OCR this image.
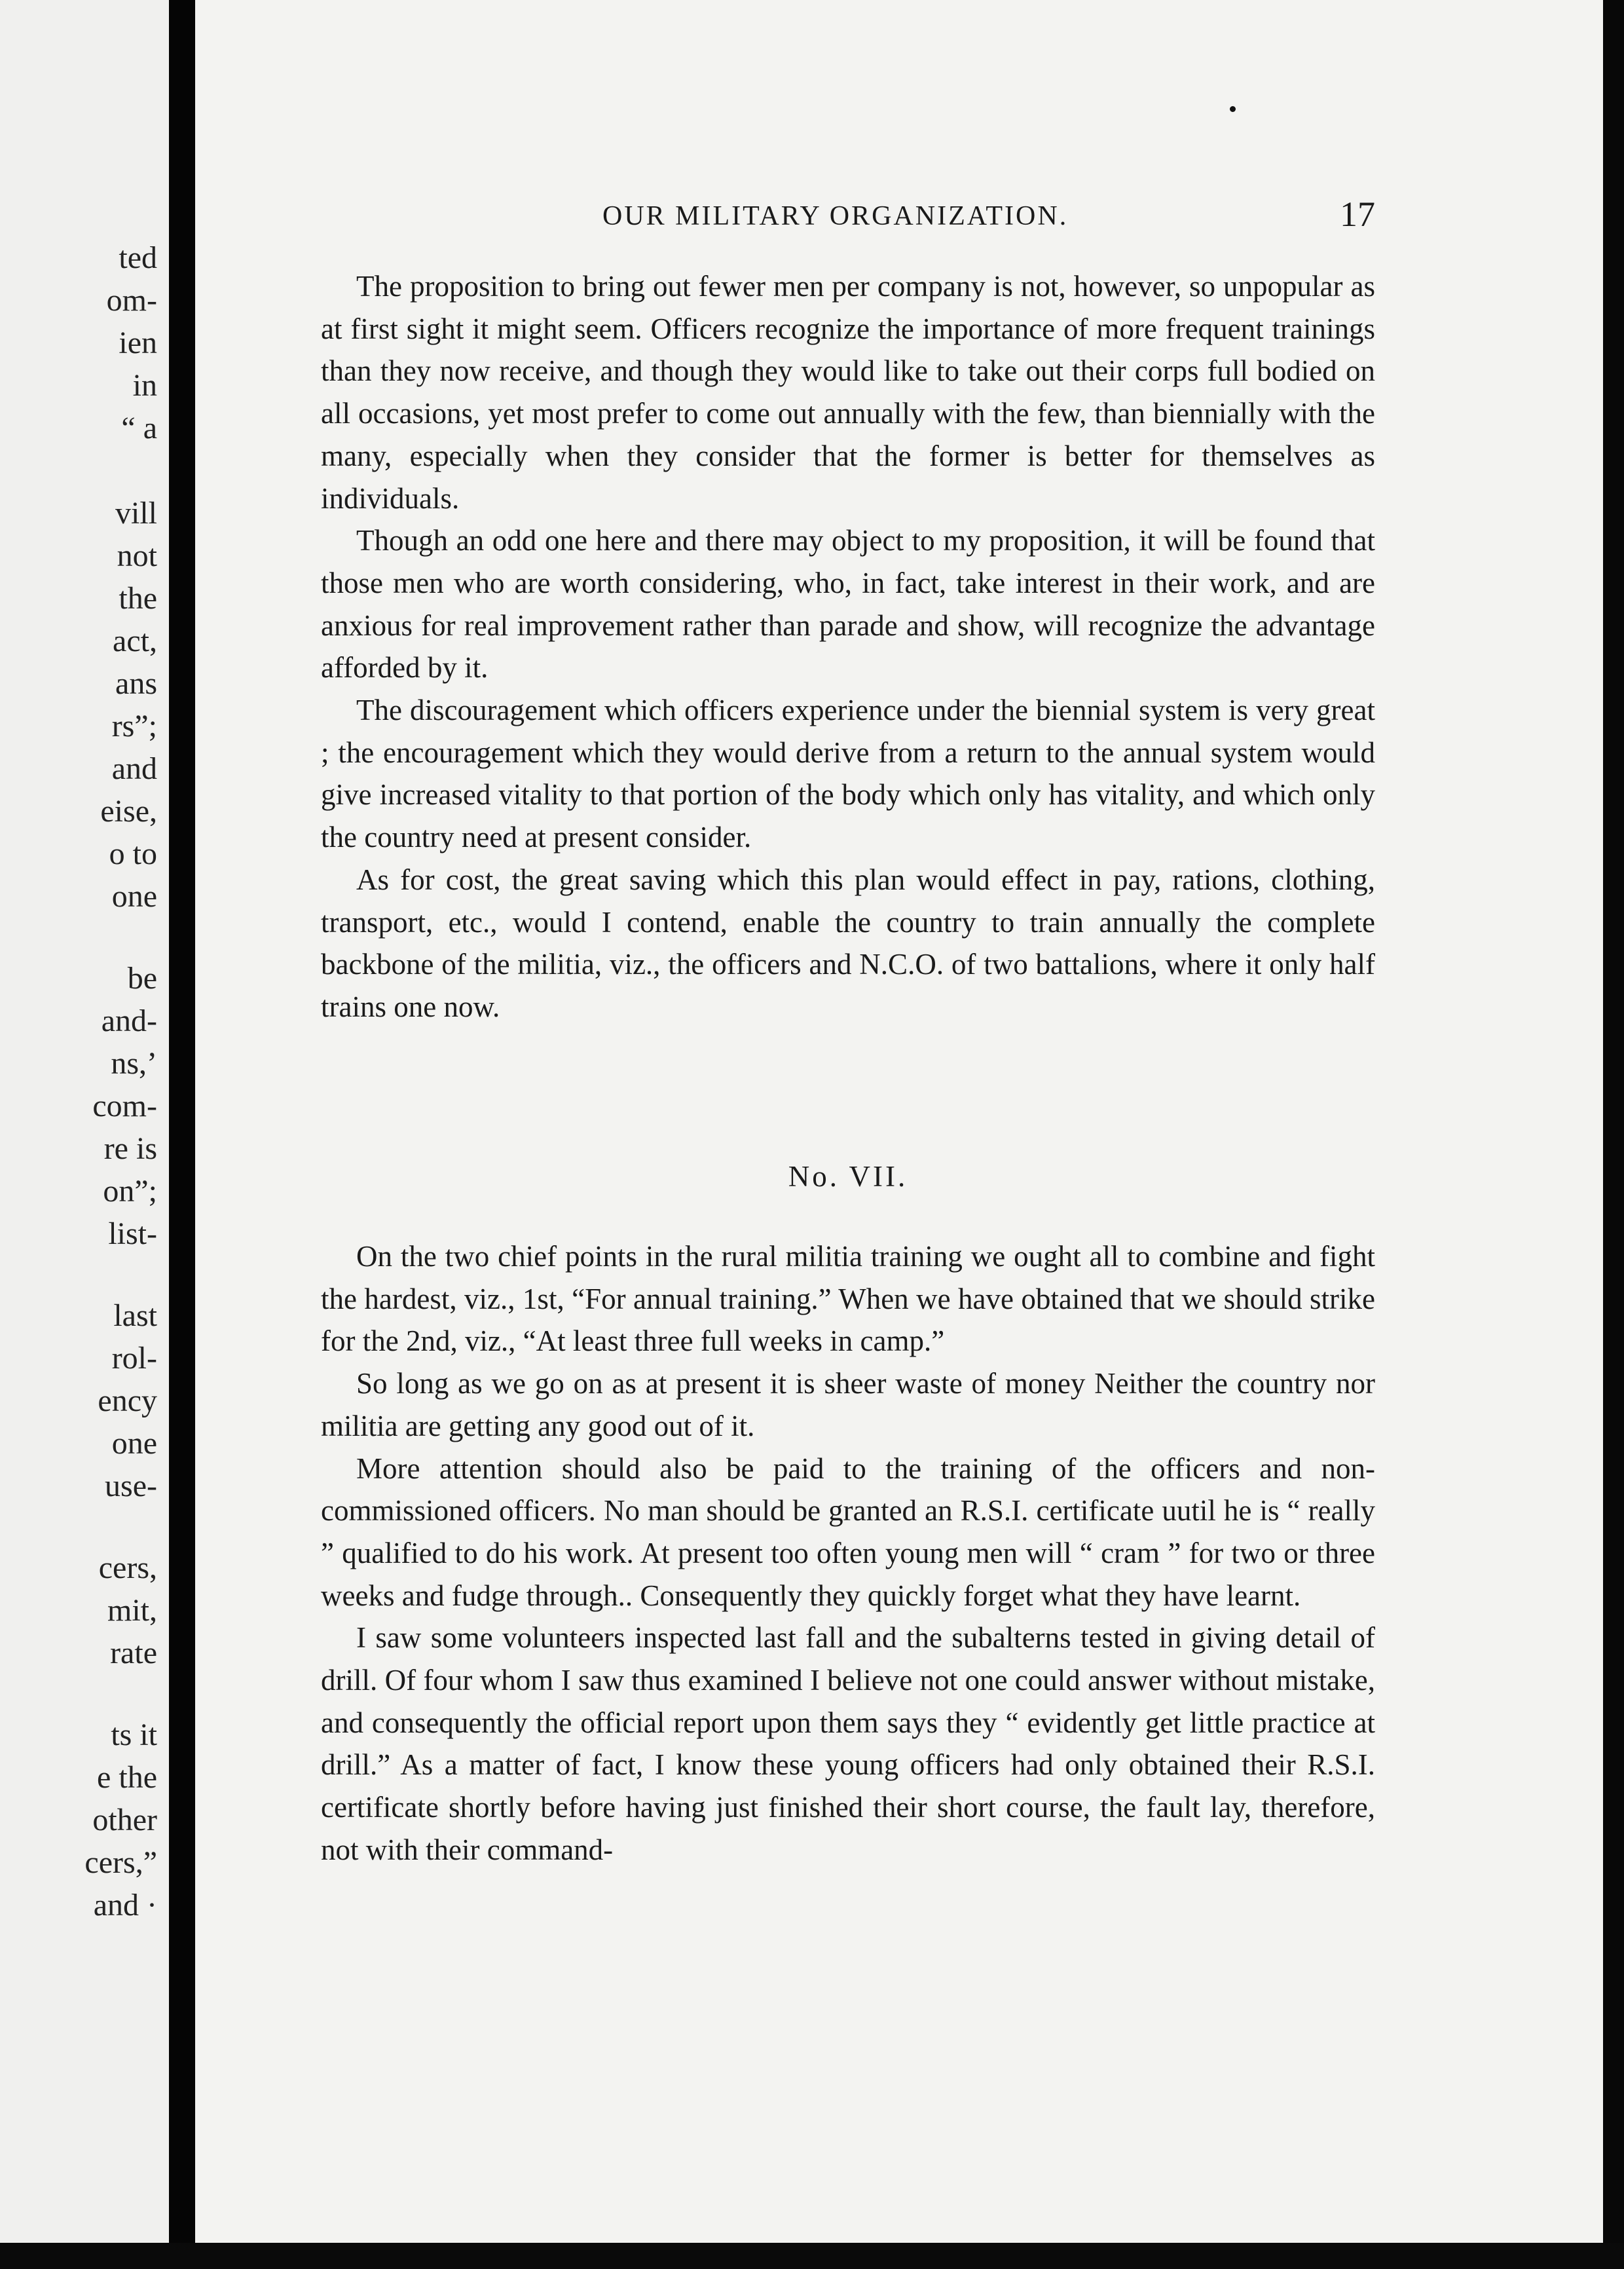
ted
om-
ien
in
“ a
vill
not
the
act,
ans
rs”;
and
eise,
o to
one
be
and-
ns,’
com-
re is
on”;
list-
last
rol-
ency
one
use-
cers,
mit,
rate
ts it
e the
other
cers,”
and ·
OUR MILITARY ORGANIZATION.	17

The proposition to bring out fewer men per company is not, however, so unpopular as at first sight it might seem. Officers recognize the importance of more frequent trainings than they now receive, and though they would like to take out their corps full bodied on all occasions, yet most prefer to come out annually with the few, than biennially with the many, especially when they consider that the former is better for themselves as individuals.

Though an odd one here and there may object to my proposition, it will be found that those men who are worth considering, who, in fact, take interest in their work, and are anxious for real improvement rather than parade and show, will recognize the advantage afforded by it.

The discouragement which officers experience under the biennial system is very great ; the encouragement which they would derive from a return to the annual system would give increased vitality to that portion of the body which only has vitality, and which only the country need at present consider.

As for cost, the great saving which this plan would effect in pay, rations, clothing, transport, etc., would I contend, enable the country to train annually the complete backbone of the militia, viz., the officers and N.C.O. of two battalions, where it only half trains one now.

No. VII.

On the two chief points in the rural militia training we ought all to combine and fight the hardest, viz., 1st, “For annual training.” When we have obtained that we should strike for the 2nd, viz., “At least three full weeks in camp.”

So long as we go on as at present it is sheer waste of money Neither the country nor militia are getting any good out of it.

More attention should also be paid to the training of the officers and non-commissioned officers. No man should be granted an R.S.I. certificate uutil he is “ really ” qualified to do his work. At present too often young men will “ cram ” for two or three weeks and fudge through.. Consequently they quickly forget what they have learnt.

I saw some volunteers inspected last fall and the subalterns tested in giving detail of drill. Of four whom I saw thus examined I believe not one could answer without mistake, and consequently the official report upon them says they “ evidently get little practice at drill.” As a matter of fact, I know these young officers had only obtained their R.S.I. certificate shortly before having just finished their short course, the fault lay, therefore, not with their command-
